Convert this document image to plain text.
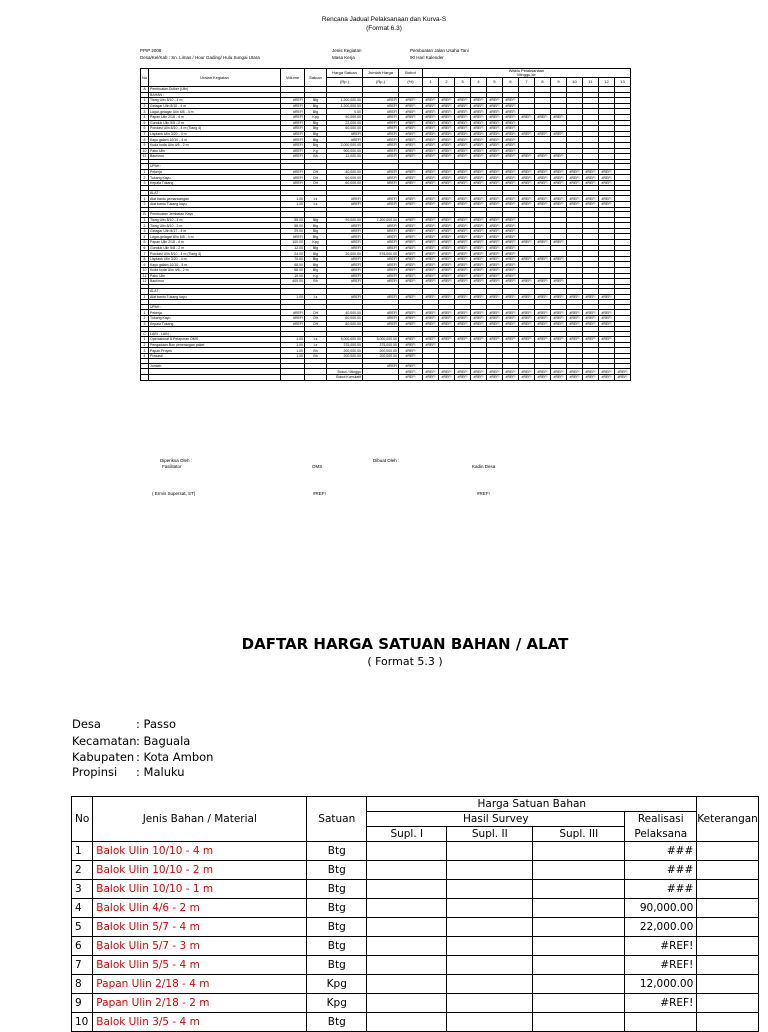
Rencana Jadual Pelaksanaan dan Kurva-S
(Format 6.3)
PPIP 2008
Desa/Kel/Kab : Sn. Limas / Hour Gading/ Hulu Sungai Utara
Jenis Kegiatan
Masa Kerja
Pembuatan Jalan Usaha Tani
90 Hari Kalender
No	Uraian Kegiatan	Volume	Satuan	Harga Satuan	Jumlah Harga	Bobot	Waktu Pelaksanaan
Minggu ke												
				(Rp.)	(Rp.)	(%)	1	2	3	4	5	6	7	8	9	10	11	12	13
A	Pembuatan Duiker (Ulin)																		
	BAHAN :																		
1	Tiang Ulin 8/10 - 4 m	#REF!	Btg	1,200,000.00	#REF!	#REF!	#REF!	#REF!	#REF!	#REF!	#REF!	#REF!							
2	Gelagar Ulin 8/10 - 4 m	#REF!	Btg	1,200,000.00	#REF!	#REF!	#REF!	#REF!	#REF!	#REF!	#REF!	#REF!							
3	Lagar-gelagar Ulin 6/8 - 4 m	#REF!	Btg	0.00	#REF!	#REF!	#REF!	#REF!	#REF!	#REF!	#REF!	#REF!							
4	Papan Ulin 2/18 - 4 m	#REF!	Kpg	90,000.00	#REF!	#REF!	#REF!	#REF!	#REF!	#REF!	#REF!	#REF!	#REF!	#REF!	#REF!				
5	Gunduk Ulin 5/8 - 2 m	#REF!	Btg	22,000.00	#REF!	#REF!	#REF!	#REF!	#REF!	#REF!	#REF!	#REF!							
6	Pondasi Ulin 8/10 - 4 m (Tiang 4)	#REF!	Btg	60,000.00	#REF!	#REF!	#REF!	#REF!	#REF!	#REF!	#REF!	#REF!							
7	Lisplank Ulin 3/20 - 4 m	#REF!	Btg	#REF!	#REF!	#REF!	#REF!	#REF!	#REF!	#REF!	#REF!	#REF!	#REF!	#REF!	#REF!				
8	Kayu galam 10/10 - 4 m	#REF!	Btg	#REF!	#REF!	#REF!	#REF!	#REF!	#REF!	#REF!	#REF!	#REF!							
9	Kuda kuda Ulin 4/6 - 2 m	#REF!	Btg	2,000,000.00	#REF!	#REF!	#REF!	#REF!	#REF!	#REF!	#REF!	#REF!							
10	Paku Ulin	#REF!	Kg	900,000.00	#REF!	#REF!	#REF!	#REF!	#REF!	#REF!	#REF!	#REF!							
11	Baut/mur	#REF!	Bh	12,000.00	#REF!	#REF!	#REF!	#REF!	#REF!	#REF!	#REF!	#REF!	#REF!	#REF!	#REF!				

	UPAH :																		
1	Pekerja	#REF!	OH	40,000.00	#REF!	#REF!	#REF!	#REF!	#REF!	#REF!	#REF!	#REF!	#REF!	#REF!	#REF!	#REF!	#REF!	#REF!	
2	Tukang Kayu	#REF!	OH	60,000.00	#REF!	#REF!	#REF!	#REF!	#REF!	#REF!	#REF!	#REF!	#REF!	#REF!	#REF!	#REF!	#REF!	#REF!	
3	Kepala Tukang	#REF!	OH	60,000.00	#REF!	#REF!	#REF!	#REF!	#REF!	#REF!	#REF!	#REF!	#REF!	#REF!	#REF!	#REF!	#REF!	#REF!	

	ALAT :																		
1	Alat bantu pemancangan	1.00	Ls	#REF!	#REF!	#REF!	#REF!	#REF!	#REF!	#REF!	#REF!	#REF!	#REF!	#REF!	#REF!	#REF!	#REF!	#REF!	
2	Alat bantu Tukang kayu	1.00	Ls	#REF!	#REF!	#REF!	#REF!	#REF!	#REF!	#REF!	#REF!	#REF!	#REF!	#REF!	#REF!	#REF!	#REF!	#REF!	

B	Pembuatan Jembatan Kayu																		
1	Tiang Ulin 8/10 - 4 m	58.00	Btg	90,000.00	7,200,000.00	#REF!	#REF!	#REF!	#REF!	#REF!	#REF!	#REF!							
2	Tiang Ulin 8/10 - 2 m	58.00	Btg	#REF!	#REF!	#REF!	#REF!	#REF!	#REF!	#REF!	#REF!	#REF!							
3	Gelagar Ulin 8/17 - 4 m	29.00	Btg	#REF!	#REF!	#REF!	#REF!	#REF!	#REF!	#REF!	#REF!	#REF!							
4	Lagar-gelagar Ulin 6/8 - 4 m	#REF!	Btg	#REF!	#REF!	#REF!	#REF!	#REF!	#REF!	#REF!	#REF!	#REF!							
5	Papan Ulin 2/18 - 4 m	100.00	Kpg	#REF!	#REF!	#REF!	#REF!	#REF!	#REF!	#REF!	#REF!	#REF!	#REF!	#REF!	#REF!				
6	Gunduk Ulin 5/8 - 2 m	12.00	Btg	#REF!	#REF!	#REF!	#REF!	#REF!	#REF!	#REF!	#REF!	#REF!							
7	Pondasi Ulin 8/10 - 4 m (Tiang 4)	24.00	Btg	20,000.00	576,000.00	#REF!	#REF!	#REF!	#REF!	#REF!	#REF!	#REF!							
8	Lisplank Ulin 3/20 - 4 m	70.00	Btg	#REF!	#REF!	#REF!	#REF!	#REF!	#REF!	#REF!	#REF!	#REF!	#REF!	#REF!	#REF!				
9	Kayu galam 10/10 - 4 m	68.00	Btg	#REF!	#REF!	#REF!	#REF!	#REF!	#REF!	#REF!	#REF!	#REF!							
10	Kuda kuda Ulin 4/6 - 2 m	68.00	Btg	#REF!	#REF!	#REF!	#REF!	#REF!	#REF!	#REF!	#REF!	#REF!							
11	Paku Ulin	15.00	Kg	#REF!	#REF!	#REF!	#REF!	#REF!	#REF!	#REF!	#REF!	#REF!							
12	Baut/mur	400.00	Bh	#REF!	#REF!	#REF!	#REF!	#REF!	#REF!	#REF!	#REF!	#REF!	#REF!	#REF!	#REF!				

	ALAT :																		
1	Alat bantu Tukang kayu	1.00	Ls	#REF!	#REF!	#REF!	#REF!	#REF!	#REF!	#REF!	#REF!	#REF!	#REF!	#REF!	#REF!	#REF!	#REF!	#REF!	

	UPAH :																		
1	Pekerja	#REF!	OH	40,000.00	#REF!	#REF!	#REF!	#REF!	#REF!	#REF!	#REF!	#REF!	#REF!	#REF!	#REF!	#REF!	#REF!	#REF!	
2	Tukang Kayu	#REF!	OH	60,000.00	#REF!	#REF!	#REF!	#REF!	#REF!	#REF!	#REF!	#REF!	#REF!	#REF!	#REF!	#REF!	#REF!	#REF!	
3	Kepala Tukang	#REF!	OH	60,000.00	#REF!	#REF!	#REF!	#REF!	#REF!	#REF!	#REF!	#REF!	#REF!	#REF!	#REF!	#REF!	#REF!	#REF!	

C	LAIN - LAIN :																		
1	Operasional & Pelaporan OMS	1.00	Ls	5,000,000.00	5,000,000.00	#REF!	#REF!	#REF!	#REF!	#REF!	#REF!	#REF!	#REF!	#REF!	#REF!	#REF!	#REF!	#REF!	
2	Pengadaan Bon penerangan paket	1.00	Ls	375,000.00	375,000.00	#REF!	#REF!												
3	Papan Proyek	1.00	Bh	200,000.00	200,000.00	#REF!													
4	Prasasti	1.00	Bh	200,000.00	200,000.00	#REF!													

	Jumlah				#REF!	#REF!													
				Bobot / Minggu		#REF!	#REF!	#REF!	#REF!	#REF!	#REF!	#REF!	#REF!	#REF!	#REF!	#REF!	#REF!	#REF!	#REF!
				Bobot Kumulatif		#REF!	#REF!	#REF!	#REF!	#REF!	#REF!	#REF!	#REF!	#REF!	#REF!	#REF!	#REF!	#REF!	#REF!
Diperiksa Oleh :
Fasilitator	OMS
Dibuat Oleh :
Kadin Desa
( Ermis Supersat, ST)	#REF!	#REF!
DAFTAR HARGA SATUAN BAHAN / ALAT
( Format 5.3 )
Desa	: Passo
Kecamatan: Baguala
Kabupaten : Kota Ambon
Propinsi : Maluku
No	Jenis Bahan / Material	Satuan	Harga Satuan Bahan				Keterangan
			Hasil Survey			Realisasi	
			Supl. I	Supl. II	Supl. III	Pelaksana	
1	Balok Ulin 10/10 - 4 m	Btg				###	
2	Balok Ulin 10/10 - 2 m	Btg				###	
3	Balok Ulin 10/10 - 1 m	Btg				###	
4	Balok Ulin 4/6 - 2 m	Btg				90,000.00	
5	Balok Ulin 5/7 - 4 m	Btg				22,000.00	
6	Balok Ulin 5/7 - 3 m	Btg				#REF!	
7	Balok Ulin 5/5 - 4 m	Btg				#REF!	
8	Papan Ulin 2/18 - 4 m	Kpg				12,000.00	
9	Papan Ulin 2/18 - 2 m	Kpg				#REF!	
10	Balok Ulin 3/5 - 4 m	Btg					
